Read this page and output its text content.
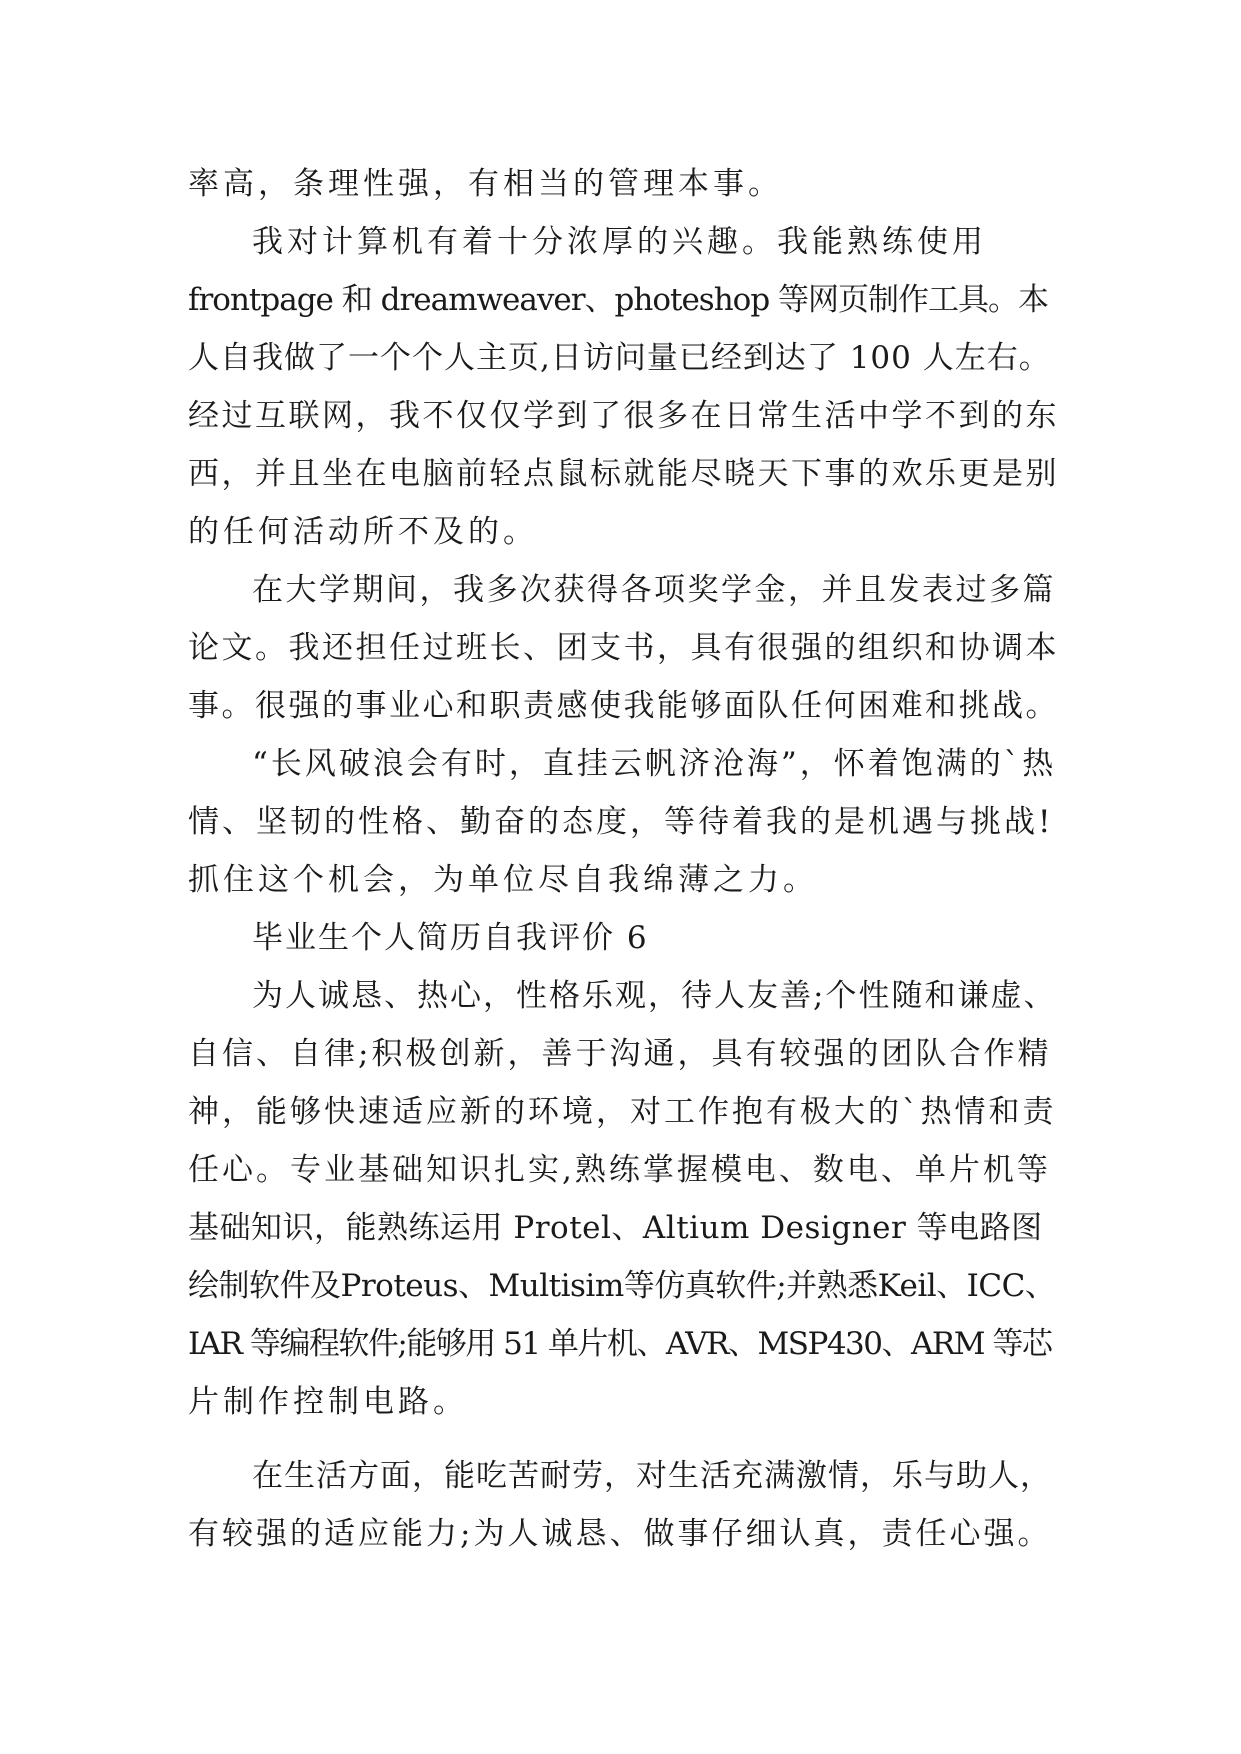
率高，条理性强，有相当的管理本事。
我对计算机有着十分浓厚的兴趣。我能熟练使用
frontpage 和 dreamweaver、photeshop 等网页制作工具。本
人自我做了一个个人主页,日访问量已经到达了 100 人左右。
经过互联网，我不仅仅学到了很多在日常生活中学不到的东
西，并且坐在电脑前轻点鼠标就能尽晓天下事的欢乐更是别
的任何活动所不及的。
在大学期间，我多次获得各项奖学金，并且发表过多篇
论文。我还担任过班长、团支书，具有很强的组织和协调本
事。很强的事业心和职责感使我能够面队任何困难和挑战。
“长风破浪会有时，直挂云帆济沧海”，怀着饱满的`热
情、坚韧的性格、勤奋的态度，等待着我的是机遇与挑战!
抓住这个机会，为单位尽自我绵薄之力。
毕业生个人简历自我评价 6
为人诚恳、热心，性格乐观，待人友善;个性随和谦虚、
自信、自律;积极创新，善于沟通，具有较强的团队合作精
神，能够快速适应新的环境，对工作抱有极大的`热情和责
任心。专业基础知识扎实,熟练掌握模电、数电、单片机等
基础知识，能熟练运用 Protel、Altium Designer 等电路图
绘制软件及Proteus、Multisim等仿真软件;并熟悉Keil、ICC、
IAR 等编程软件;能够用 51 单片机、AVR、MSP430、ARM 等芯
片制作控制电路。
在生活方面，能吃苦耐劳，对生活充满激情，乐与助人，
有较强的适应能力;为人诚恳、做事仔细认真，责任心强。
